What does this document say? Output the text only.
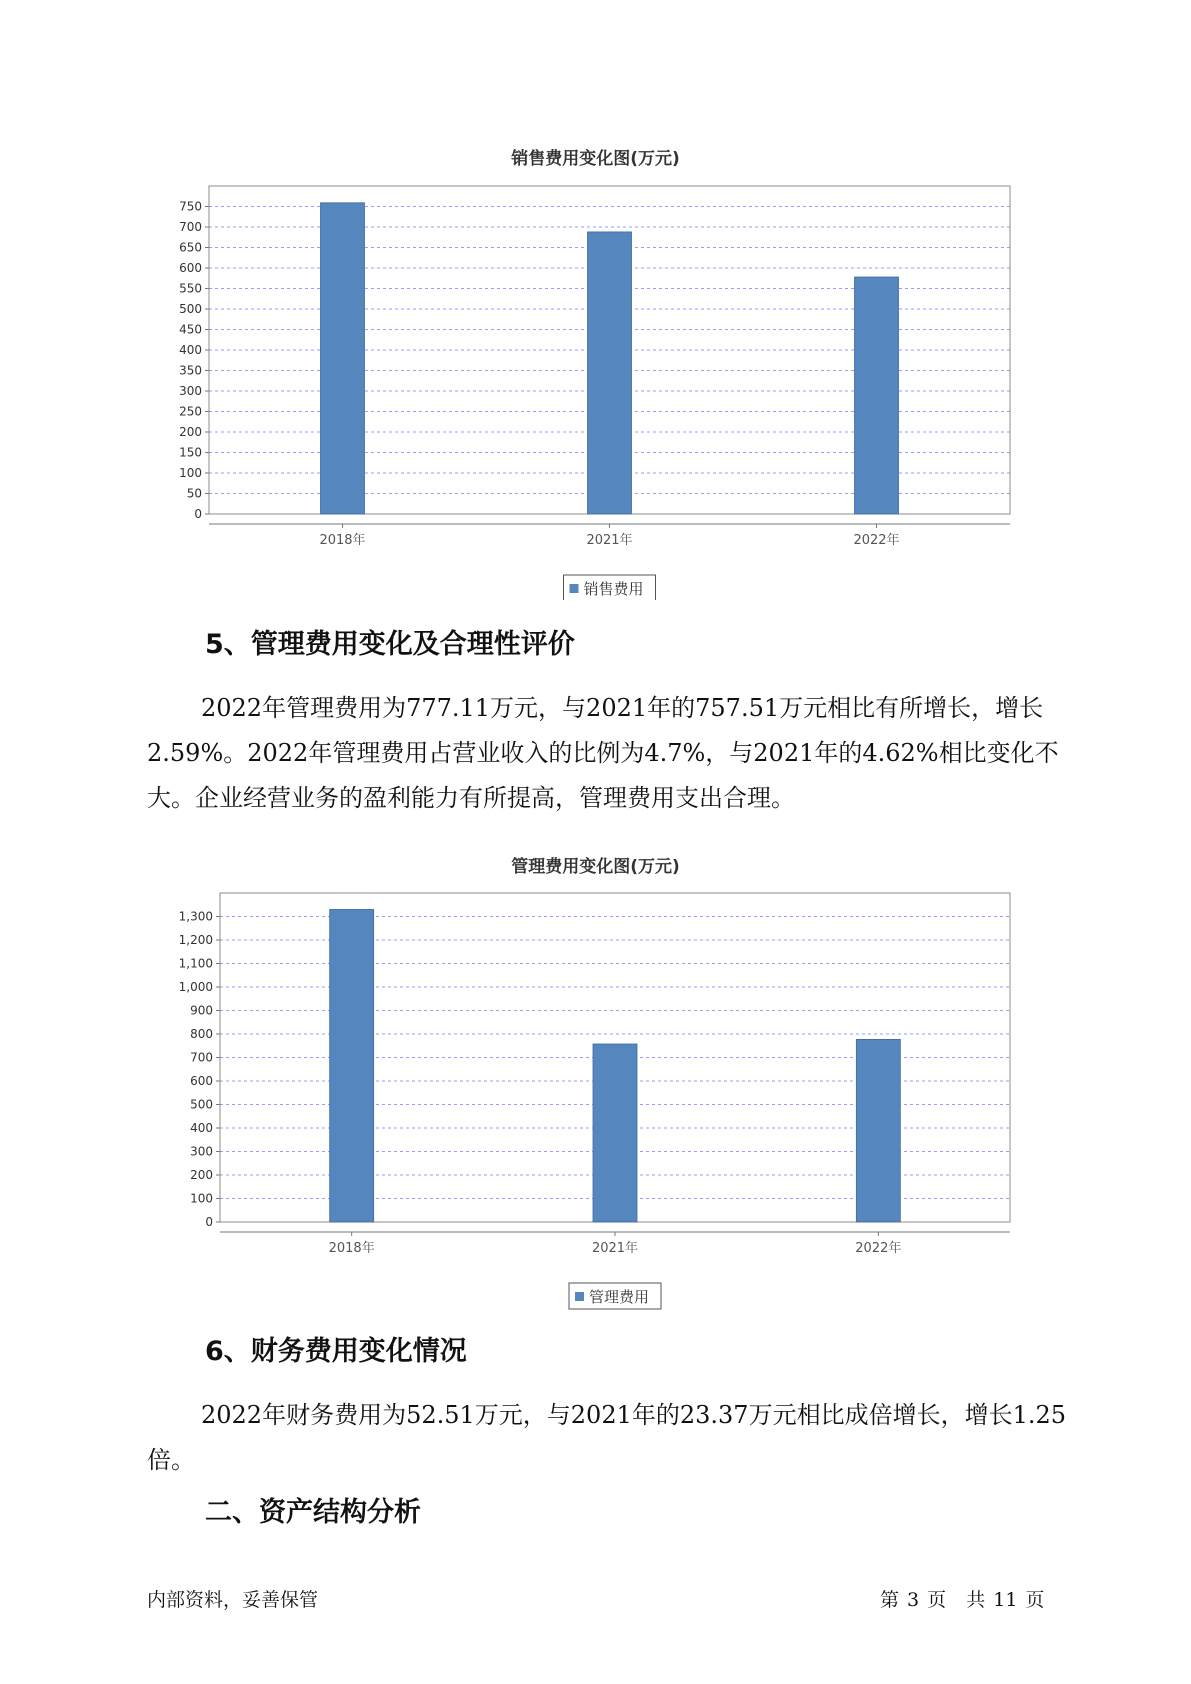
销售费用变化图(万元)
0
50
100
150
200
250
300
350
400
450
500
550
600
650
700
750
2018年	2021年	2022年
销售费用
5、管理费用变化及合理性评价

2022年管理费用为777.11万元，与2021年的757.51万元相比有所增长，增长2.59%。2022年管理费用占营业收入的比例为4.7%，与2021年的4.62%相比变化不大。企业经营业务的盈利能力有所提高，管理费用支出合理。

管理费用变化图(万元)
0
100
200
300
400
500
600
700
800
900
1,000
1,100
1,200
1,300
2018年	2021年	2022年
管理费用
6、财务费用变化情况

2022年财务费用为52.51万元，与2021年的23.37万元相比成倍增长，增长1.25倍。

二、资产结构分析
内部资料，妥善保管	第 3 页 共 11 页
